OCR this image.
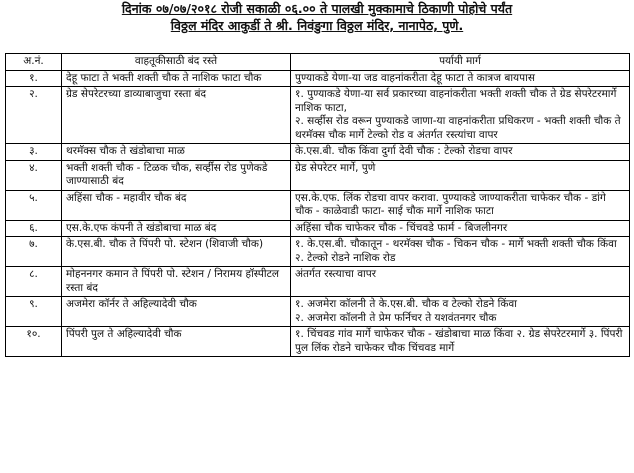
दिनांक ०७/०७/२०१८ रोजी सकाळी ०६.०० ते पालखी मुक्कामाचे ठिकाणी पोहोचे पर्यंत
विठ्ठल मंदिर आकुर्डी ते श्री. निवंङुगा विठ्ठल मंदिर, नानापेठ, पुणे.
अ.नं.	वाहतूकीसाठी बंद रस्ते	पर्यायी मार्ग
१.	देहू फाटा ते भक्ती शक्ती चौक ते नाशिक फाटा चौक	पुण्याकडे येणा-या जड वाहनांकरीता देहू फाटा ते कात्रज बायपास

२.	ग्रेड सेपरेटरच्या डाव्याबाजुचा रस्ता बंद	१. पुण्याकडे येणा-या सर्व प्रकारच्या वाहनांकरीता भक्ती शक्ती चौक ते ग्रेड सेपरेटरमार्गे नाशिक फाटा,
२. सर्व्हीस रोड वरून पुण्याकडे जाणा-या वाहनांकरीता प्रधिकरण - भक्ती शक्ती चौक ते थरमॅक्स चौक मार्गे टेल्को रोड व अंतर्गत रस्त्यांचा वापर

३.	थरमॅक्स चौक ते खंडोबाचा माळ	के.एस.बी. चौक किंवा दुर्गा देवी चौक : टेल्को रोडचा वापर

४.	भक्ती शक्ती चौक - टिळक चौक, सर्व्हीस रोड पुणेकडे जाण्यासाठी बंद	ग्रेड सेपरेटर मार्गे, पुणे

५.	अहिंसा चौक - महावीर चौक बंद	एस.के.एफ. लिंक रोडचा वापर करावा. पुण्याकडे जाण्याकरीता चाफेकर चौक - डांगे चौक - काळेवाडी फाटा- साई चौक मार्गे नाशिक फाटा

६.	एस.के.एफ कंपनी ते खंडोबाचा माळ बंद	अहिंसा चौक चाफेकर चौक - चिंचवडे फार्म - बिजलीनगर

७.	के.एस.बी. चौक ते पिंपरी पो. स्टेशन (शिवाजी चौक)	१. के.एस.बी. चौकातून - थरमॅक्स चौक - चिकन चौक - मार्गे भक्ती शक्ती चौक किंवा २. टेल्को रोडने नाशिक रोड

८.	मोहननगर कमान ते पिंपरी पो. स्टेशन / निरामय हॉस्पीटल रस्ता बंद	अंतर्गत रस्त्याचा वापर

९.	अजमेरा कॉर्नर ते अहिल्यादेवी चौक	१. अजमेरा कॉलनी ते के.एस.बी. चौक व टेल्को रोडने किंवा
२. अजमेरा कॉलनी ते प्रेम फर्निचर ते यशवंतनगर चौक

१०.	पिंपरी पुल ते अहिल्यादेवी चौक	१. चिंचवड गांव मार्गे चाफेकर चौक - खंडोबाचा माळ किंवा २. ग्रेड सेपरेटरमार्गे ३. पिंपरी पुल लिंक रोडने चाफेकर चौक चिंचवड मार्गे
